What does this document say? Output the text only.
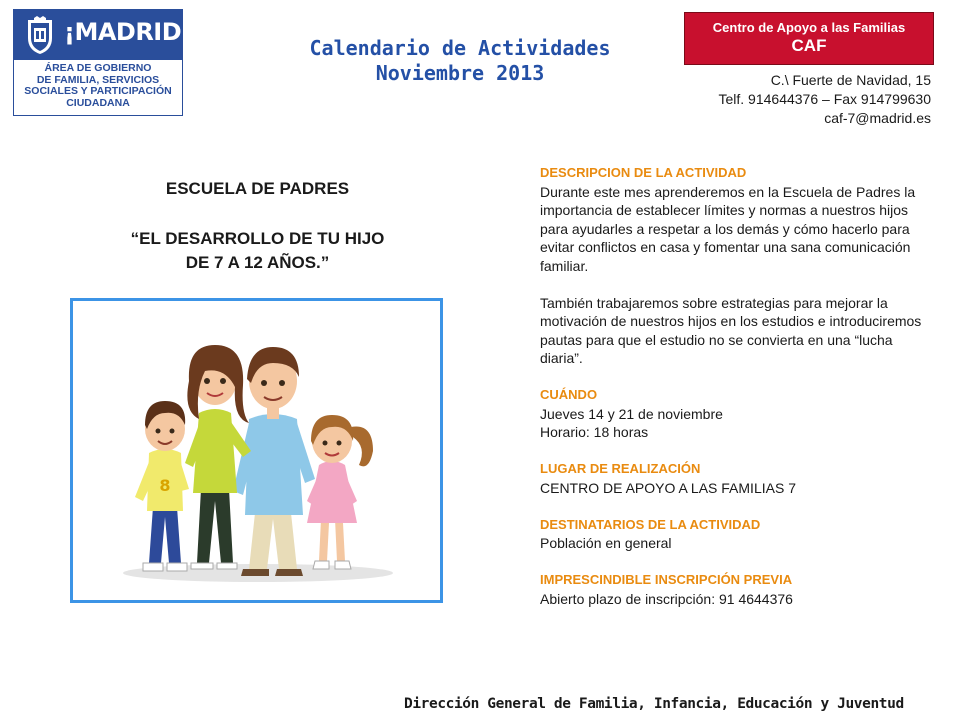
¡MADRID!
ÁREA DE GOBIERNO
DE FAMILIA, SERVICIOS
SOCIALES Y PARTICIPACIÓN
CIUDADANA
Calendario de Actividades
Noviembre 2013
Centro de Apoyo a las Familias
CAF
C.\ Fuerte de Navidad, 15
Telf. 914644376 – Fax 914799630
caf-7@madrid.es
ESCUELA DE PADRES
“EL DESARROLLO DE TU HIJO
DE 7 A 12 AÑOS.”
8
DESCRIPCION DE LA ACTIVIDAD
Durante este mes aprenderemos en la Escuela de Padres la importancia de establecer límites y normas a nuestros hijos para ayudarles a respetar a los demás y cómo hacerlo para evitar conflictos en casa y fomentar una sana comunicación familiar.
También trabajaremos sobre estrategias para mejorar la motivación de nuestros hijos en los estudios e introduciremos pautas para que el estudio no se convierta en una “lucha diaria”.
CUÁNDO
Jueves 14 y 21 de noviembre
Horario: 18 horas
LUGAR DE REALIZACIÓN
CENTRO DE APOYO A LAS FAMILIAS 7
DESTINATARIOS DE LA ACTIVIDAD
Población en general
IMPRESCINDIBLE INSCRIPCIÓN PREVIA
Abierto plazo de inscripción: 91 4644376
Dirección General de Familia, Infancia, Educación y Juventud
